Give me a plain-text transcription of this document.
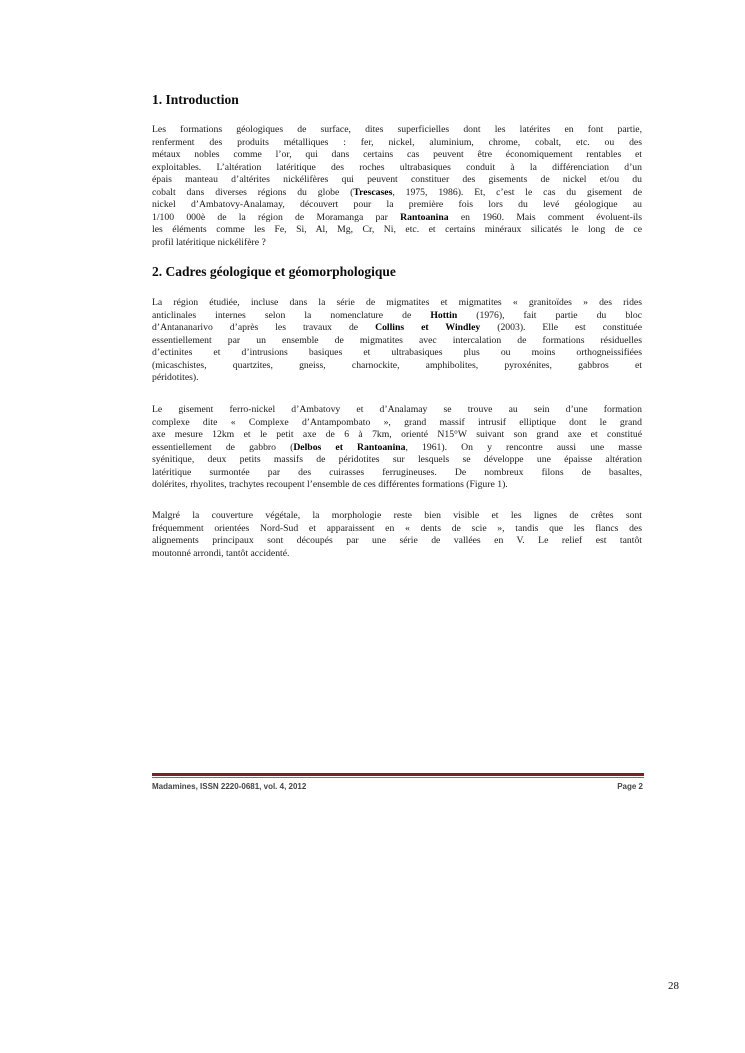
1. Introduction
Les formations géologiques de surface, dites superficielles dont les latérites en font partie,
renferment des produits métalliques : fer, nickel, aluminium, chrome, cobalt, etc. ou des
métaux nobles comme l’or, qui dans certains cas peuvent être économiquement rentables et
exploitables. L’altération latéritique des roches ultrabasiques conduit à la différenciation d’un
épais manteau d’altérites nickélifères qui peuvent constituer des gisements de nickel et/ou du
cobalt dans diverses régions du globe (Trescases, 1975, 1986). Et, c’est le cas du gisement de
nickel d’Ambatovy-Analamay, découvert pour la première fois lors du levé géologique au
1/100 000è de la région de Moramanga par Rantoanina en 1960. Mais comment évoluent-ils
les éléments comme les Fe, Si, Al, Mg, Cr, Ni, etc. et certains minéraux silicatés le long de ce
profil latéritique nickélifère ?
2. Cadres géologique et géomorphologique
La région étudiée, incluse dans la série de migmatites et migmatites « granitoïdes » des rides
anticlinales internes selon la nomenclature de Hottin (1976), fait partie du bloc
d’Antananarivo d’après les travaux de Collins et Windley (2003). Elle est constituée
essentiellement par un ensemble de migmatites avec intercalation de formations résiduelles
d’ectinites et d’intrusions basiques et ultrabasiques plus ou moins orthogneissifiées
(micaschistes, quartzites, gneiss, charnockite, amphibolites, pyroxénites, gabbros et
péridotites).
Le gisement ferro-nickel d’Ambatovy et d’Analamay se trouve au sein d’une formation
complexe dite « Complexe d’Antampombato », grand massif intrusif elliptique dont le grand
axe mesure 12km et le petit axe de 6 à 7km, orienté N15°W suivant son grand axe et constitué
essentiellement de gabbro (Delbos et Rantoanina, 1961). On y rencontre aussi une masse
syénitique, deux petits massifs de péridotites sur lesquels se développe une épaisse altération
latéritique surmontée par des cuirasses ferrugineuses. De nombreux filons de basaltes,
dolérites, rhyolites, trachytes recoupent l’ensemble de ces différentes formations (Figure 1).
Malgré la couverture végétale, la morphologie reste bien visible et les lignes de crêtes sont
fréquemment orientées Nord-Sud et apparaissent en « dents de scie », tandis que les flancs des
alignements principaux sont découpés par une série de vallées en V. Le relief est tantôt
moutonné arrondi, tantôt accidenté.
Madamines, ISSN 2220-0681, vol. 4, 2012	Page 2
28
